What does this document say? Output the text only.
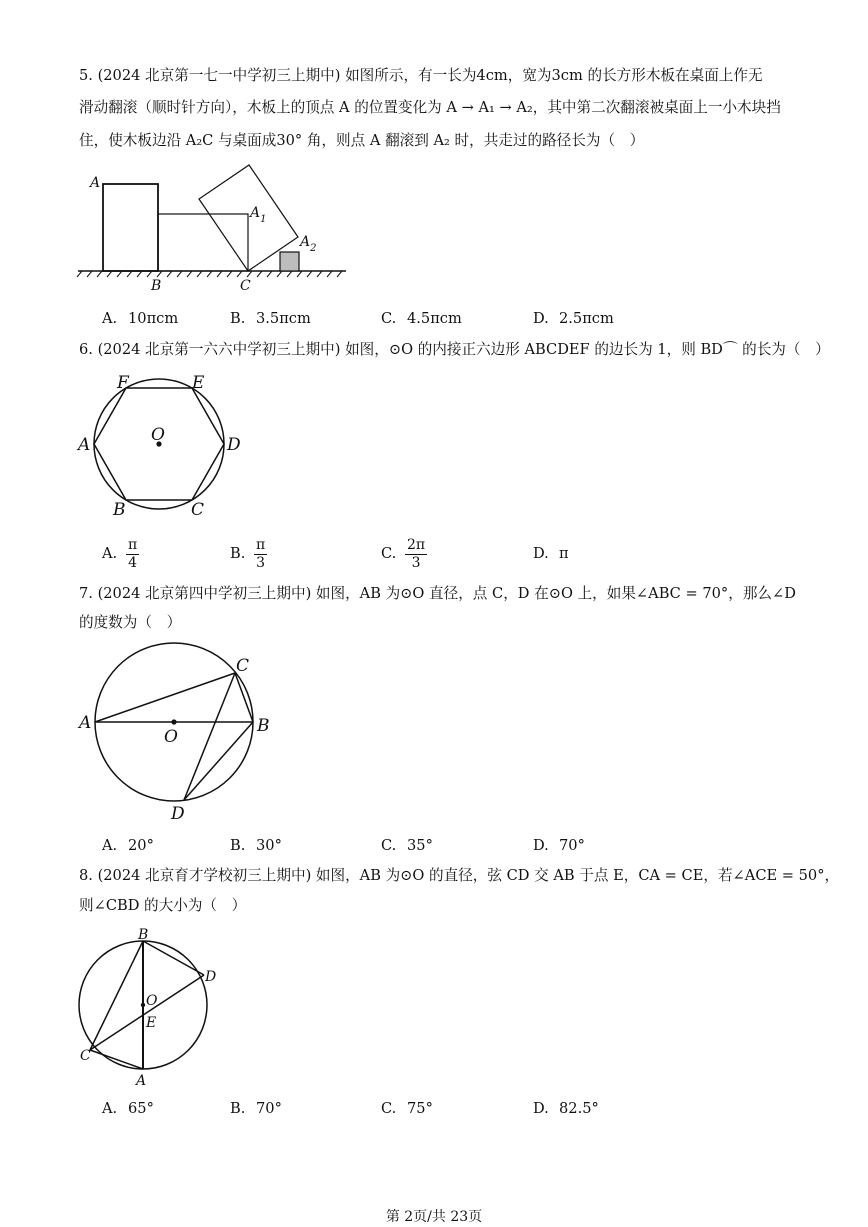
5. (2024 北京第一七一中学初三上期中) 如图所示，有一长为4cm，宽为3cm 的长方形木板在桌面上作无
滑动翻滚（顺时针方向），木板上的顶点 A 的位置变化为 A → A₁ → A₂，其中第二次翻滚被桌面上一小木块挡
住，使木板边沿 A₂C 与桌面成30° 角，则点 A 翻滚到 A₂ 时，共走过的路径长为（　）
A
$A_1$
$A_2$
B	C
A. 10πcm	B. 3.5πcm	C. 4.5πcm	D. 2.5πcm
6. (2024 北京第一六六中学初三上期中) 如图，⊙O 的内接正六边形 ABCDEF 的边长为 1，则 BD⌒ 的长为（　）
F	E
A	D
O
B	C
A. $\frac{\pi}{4}$	B. $\frac{\pi}{3}$	C. $\frac{2\pi}{3}$	D. π
7. (2024 北京第四中学初三上期中) 如图，AB 为⊙O 直径，点 C，D 在⊙O 上，如果∠ABC = 70°，那么∠D
的度数为（　）
A	B
C
D
O
A. 20°	B. 30°	C. 35°	D. 70°
8. (2024 北京育才学校初三上期中) 如图，AB 为⊙O 的直径，弦 CD 交 AB 于点 E，CA = CE，若∠ACE = 50°，
则∠CBD 的大小为（　）
B
D
O
E
C
A
A. 65°	B. 70°	C. 75°	D. 82.5°
第 2页/共 23页
